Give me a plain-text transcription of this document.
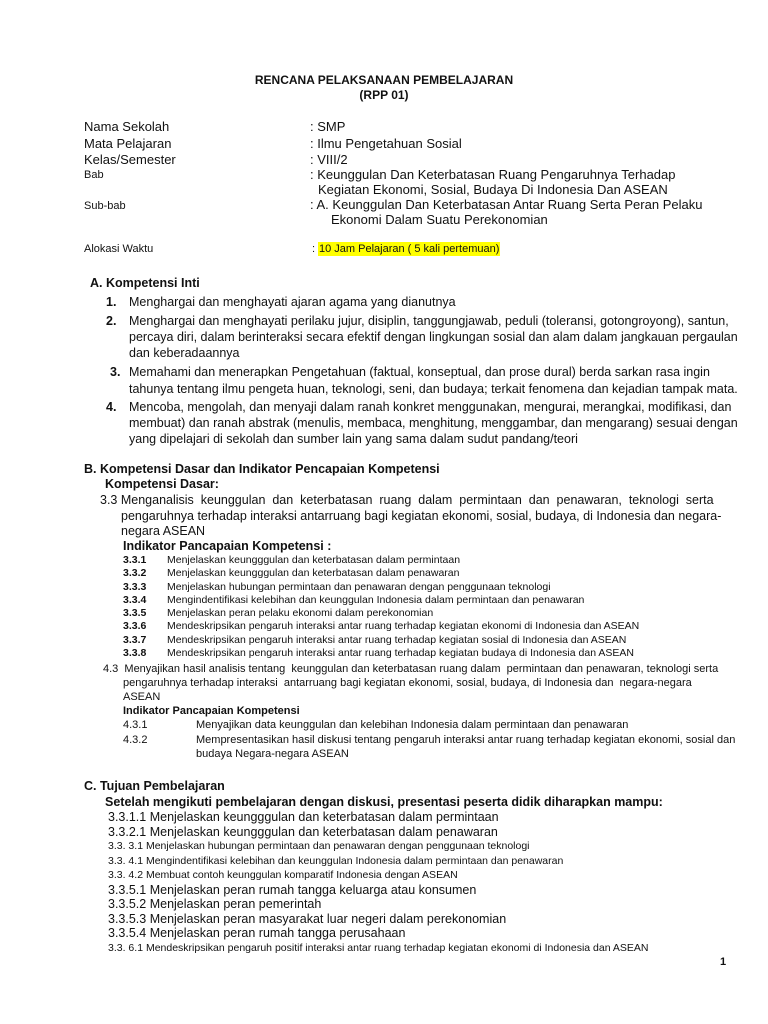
RENCANA PELAKSANAAN PEMBELAJARAN
(RPP 01)
Nama Sekolah	: SMP
Mata Pelajaran	: Ilmu Pengetahuan Sosial
Kelas/Semester	: VIII/2
Bab	: Keunggulan Dan Keterbatasan Ruang Pengaruhnya Terhadap
Kegiatan Ekonomi, Sosial, Budaya Di Indonesia Dan ASEAN
Sub-bab	: A. Keunggulan Dan Keterbatasan Antar Ruang Serta Peran Pelaku
Ekonomi Dalam Suatu Perekonomian
Alokasi Waktu	: 10 Jam Pelajaran ( 5 kali pertemuan)
A. Kompetensi Inti
1. Menghargai dan menghayati ajaran agama yang dianutnya
2. Menghargai dan menghayati perilaku jujur, disiplin, tanggungjawab, peduli (toleransi, gotongroyong), santun,
percaya diri, dalam berinteraksi secara efektif dengan lingkungan sosial dan alam dalam jangkauan pergaulan
dan keberadaannya
3. Memahami dan menerapkan Pengetahuan (faktual, konseptual, dan prose dural) berda sarkan rasa ingin
tahunya tentang ilmu pengeta huan, teknologi, seni, dan budaya; terkait fenomena dan kejadian tampak mata.
4. Mencoba, mengolah, dan menyaji dalam ranah konkret menggunakan, mengurai, merangkai, modifikasi, dan
membuat) dan ranah abstrak (menulis, membaca, menghitung, menggambar, dan mengarang) sesuai dengan
yang dipelajari di sekolah dan sumber lain yang sama dalam sudut pandang/teori
B. Kompetensi Dasar dan Indikator Pencapaian Kompetensi
Kompetensi Dasar:
3.3 Menganalisis  keunggulan  dan  keterbatasan  ruang  dalam  permintaan  dan  penawaran,  teknologi  serta
pengaruhnya terhadap interaksi antarruang bagi kegiatan ekonomi, sosial, budaya, di Indonesia dan negara-
negara ASEAN
Indikator Pancapaian Kompetensi :
3.3.1 Menjelaskan keungggulan dan keterbatasan dalam permintaan
3.3.2 Menjelaskan keungggulan dan keterbatasan dalam penawaran
3.3.3 Menjelaskan hubungan permintaan dan penawaran dengan penggunaan teknologi
3.3.4 Mengindentifikasi kelebihan dan keunggulan Indonesia dalam permintaan dan penawaran
3.3.5 Menjelaskan peran pelaku ekonomi dalam perekonomian
3.3.6 Mendeskripsikan pengaruh interaksi antar ruang terhadap kegiatan ekonomi di Indonesia dan ASEAN
3.3.7 Mendeskripsikan pengaruh interaksi antar ruang terhadap kegiatan sosial di Indonesia dan ASEAN
3.3.8 Mendeskripsikan pengaruh interaksi antar ruang terhadap kegiatan budaya di Indonesia dan ASEAN
4.3  Menyajikan hasil analisis tentang  keunggulan dan keterbatasan ruang dalam  permintaan dan penawaran, teknologi serta
pengaruhnya terhadap interaksi  antarruang bagi kegiatan ekonomi, sosial, budaya, di Indonesia dan  negara-negara
ASEAN
Indikator Pancapaian Kompetensi
4.3.1	Menyajikan data keunggulan dan kelebihan Indonesia dalam permintaan dan penawaran
4.3.2	Mempresentasikan hasil diskusi tentang pengaruh interaksi antar ruang terhadap kegiatan ekonomi, sosial dan
budaya Negara-negara ASEAN
C. Tujuan Pembelajaran
Setelah mengikuti pembelajaran dengan diskusi, presentasi peserta didik diharapkan mampu:
3.3.1.1 Menjelaskan keungggulan dan keterbatasan dalam permintaan
3.3.2.1 Menjelaskan keungggulan dan keterbatasan dalam penawaran
3.3. 3.1 Menjelaskan hubungan permintaan dan penawaran dengan penggunaan teknologi
3.3. 4.1 Mengindentifikasi kelebihan dan keunggulan Indonesia dalam permintaan dan penawaran
3.3. 4.2 Membuat contoh keunggulan komparatif Indonesia dengan ASEAN
3.3.5.1 Menjelaskan peran rumah tangga keluarga atau konsumen
3.3.5.2 Menjelaskan peran pemerintah
3.3.5.3 Menjelaskan peran masyarakat luar negeri dalam perekonomian
3.3.5.4 Menjelaskan peran rumah tangga perusahaan
3.3. 6.1 Mendeskripsikan pengaruh positif interaksi antar ruang terhadap kegiatan ekonomi di Indonesia dan ASEAN
1
